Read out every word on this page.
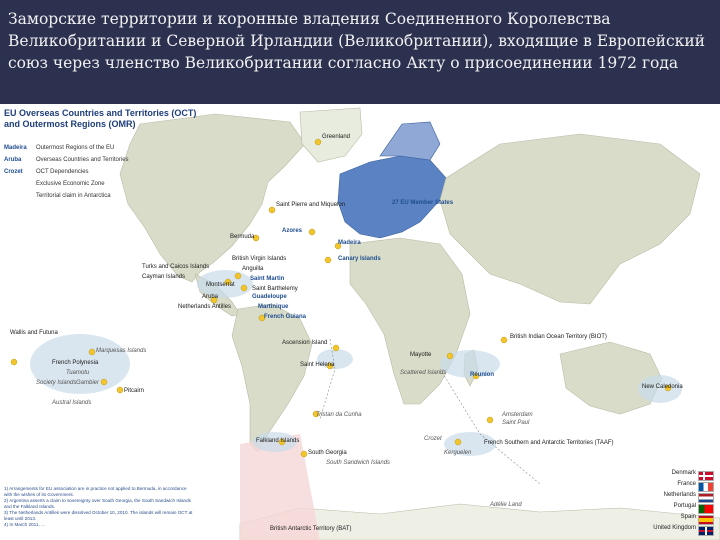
Заморские территории и коронные владения Соединенного Королевства Великобритании и Северной Ирландии (Великобритании), входящие в Европейский союз через членство Великобритании согласно Акту о присоединении 1972 года
EU Overseas Countries and Territories (OCT)
and Outermost Regions (OMR)
Madeira Outermost Regions of the EU
Aruba Overseas Countries and Territories
Crozet OCT Dependencies
Exclusive Economic Zone
Territorial claim in Antarctica
27 EU Member States
Greenland
Saint Pierre and Miquelon
Azores
Madeira
Canary Islands
Bermuda
British Virgin Islands
Anguilla
Turks and Caicos Islands
Cayman Islands	Saint Martin
Montserrat
Saint Barthelemy
Guadeloupe
Aruba
Netherlands Antilles	Martinique
French Guiana
Wallis and Futuna
Marquesas Islands
French Polynesia
Tuamotu
Society Islands Gambier
Pitcairn
Austral Islands
Ascension Island
Saint Helena
Tristan da Cunha
Mayotte
Scattered Islands	Réunion
British Indian Ocean Territory (BIOT)
New Caledonia
Amsterdam
Saint Paul
Crozet
Kerguelen
French Southern and Antarctic Territories (TAAF)
Falkland Islands
South Georgia
South Sandwich Islands
Adélie Land
British Antarctic Territory (BAT)
1) Arrangements for EU association are in practice not applied to Bermuda, in accordance with the wishes of its Government.
2) Argentina asserts a claim to sovereignty over South Georgia, the South Sandwich Islands and the Falkland Islands.
3) The Netherlands Antilles were dissolved October 10, 2010. The islands will remain OCT at least until 2013.
4) In March 2011, ...
Denmark
France
Netherlands
Portugal
Spain
United Kingdom
